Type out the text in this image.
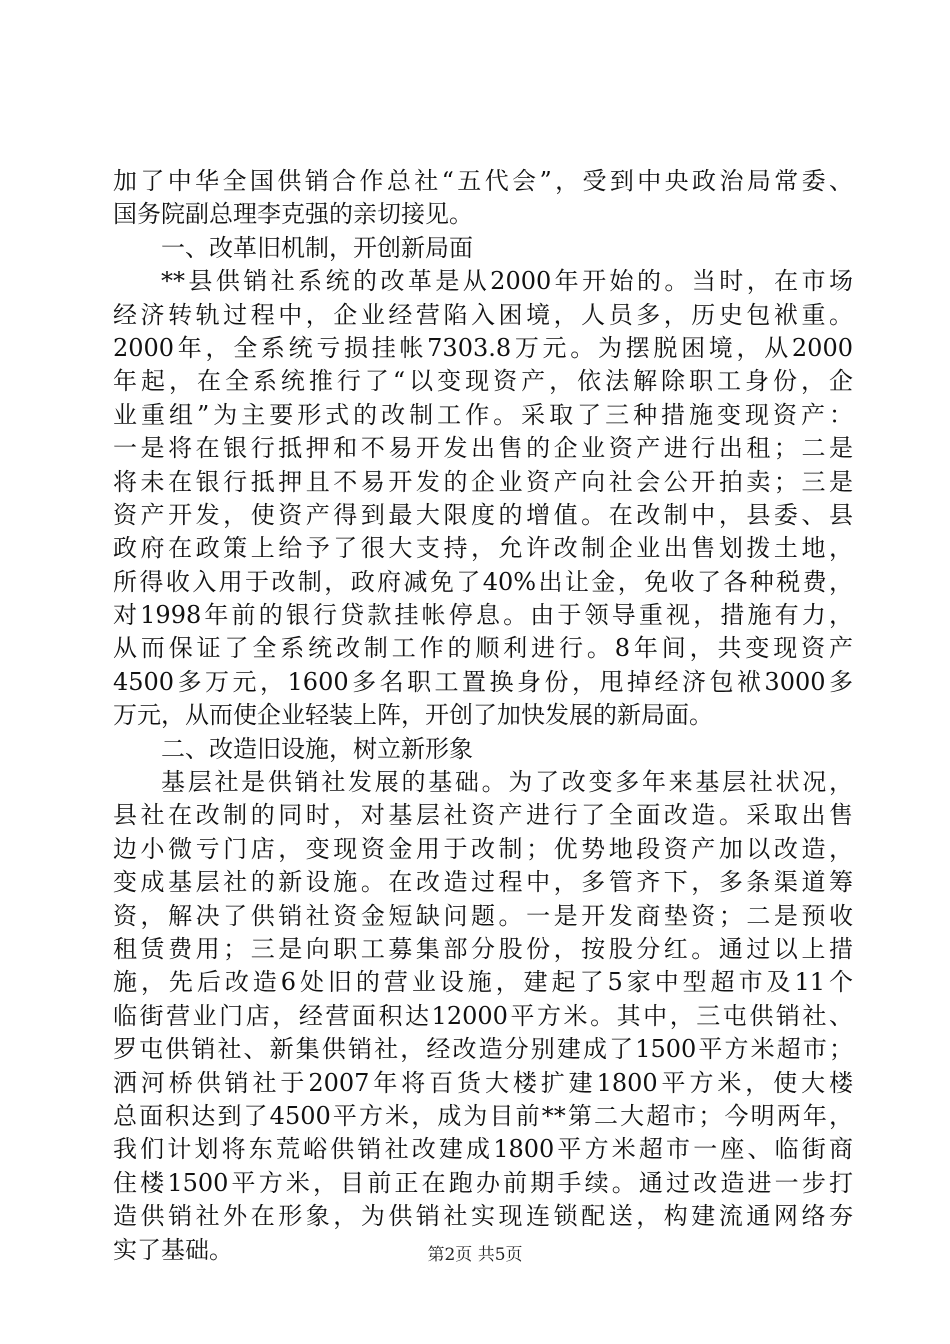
加了中华全国供销合作总社“五代会”，受到中央政治局常委、
国务院副总理李克强的亲切接见。
一、改革旧机制，开创新局面
**县供销社系统的改革是从2000年开始的。当时，在市场
经济转轨过程中，企业经营陷入困境，人员多，历史包袱重。
2000年，全系统亏损挂帐7303.8万元。为摆脱困境，从2000
年起，在全系统推行了“以变现资产，依法解除职工身份，企
业重组”为主要形式的改制工作。采取了三种措施变现资产：
一是将在银行抵押和不易开发出售的企业资产进行出租；二是
将未在银行抵押且不易开发的企业资产向社会公开拍卖；三是
资产开发，使资产得到最大限度的增值。在改制中，县委、县
政府在政策上给予了很大支持，允许改制企业出售划拨土地，
所得收入用于改制，政府减免了40%出让金，免收了各种税费，
对1998年前的银行贷款挂帐停息。由于领导重视，措施有力，
从而保证了全系统改制工作的顺利进行。8年间，共变现资产
4500多万元，1600多名职工置换身份，甩掉经济包袱3000多
万元，从而使企业轻装上阵，开创了加快发展的新局面。
二、改造旧设施，树立新形象
基层社是供销社发展的基础。为了改变多年来基层社状况，
县社在改制的同时，对基层社资产进行了全面改造。采取出售
边小微亏门店，变现资金用于改制；优势地段资产加以改造，
变成基层社的新设施。在改造过程中，多管齐下，多条渠道筹
资，解决了供销社资金短缺问题。一是开发商垫资；二是预收
租赁费用；三是向职工募集部分股份，按股分红。通过以上措
施，先后改造6处旧的营业设施，建起了5家中型超市及11个
临街营业门店，经营面积达12000平方米。其中，三屯供销社、
罗屯供销社、新集供销社，经改造分别建成了1500平方米超市；
洒河桥供销社于2007年将百货大楼扩建1800平方米，使大楼
总面积达到了4500平方米，成为目前**第二大超市；今明两年，
我们计划将东荒峪供销社改建成1800平方米超市一座、临街商
住楼1500平方米，目前正在跑办前期手续。通过改造进一步打
造供销社外在形象，为供销社实现连锁配送，构建流通网络夯
实了基础。	第2页 共5页
